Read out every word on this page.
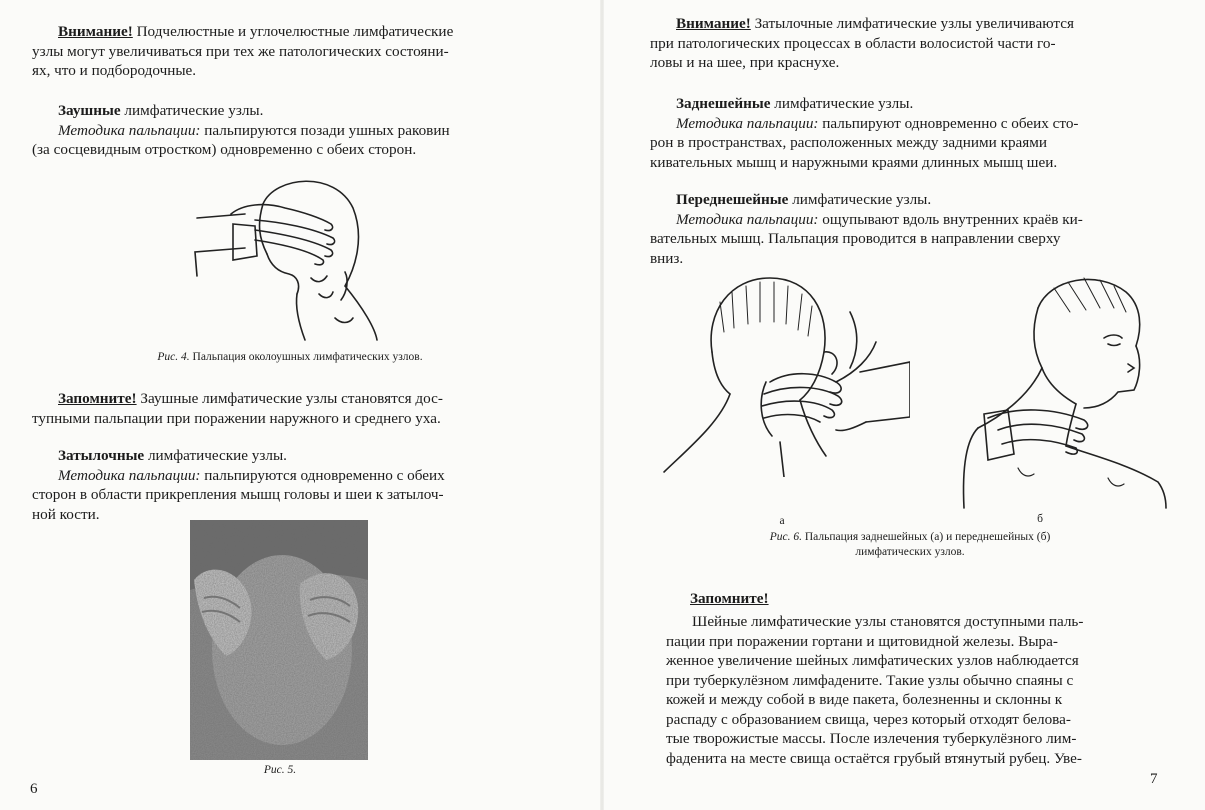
Внимание! Подчелюстные и углочелюстные лимфатические

узлы могут увеличиваться при тех же патологических состояни-

ях, что и подбородочные.

Заушные лимфатические узлы.

Методика пальпации: пальпируются позади ушных раковин

(за сосцевидным отростком) одновременно с обеих сторон.

Рис. 4. Пальпация околоушных лимфатических узлов.

Запомните! Заушные лимфатические узлы становятся дос-

тупными пальпации при поражении наружного и среднего уха.

Затылочные лимфатические узлы.

Методика пальпации: пальпируются одновременно с обеих

сторон в области прикрепления мышц головы и шеи к затылоч-

ной кости.

Рис. 5.
6

Внимание! Затылочные лимфатические узлы увеличиваются

при патологических процессах в области волосистой части го-

ловы и на шее, при краснухе.

Заднешейные лимфатические узлы.

Методика пальпации: пальпируют одновременно с обеих сто-

рон в пространствах, расположенных между задними краями

кивательных мышц и наружными краями длинных мышц шеи.

Переднешейные лимфатические узлы.

Методика пальпации: ощупывают вдоль внутренних краёв ки-

вательных мышц. Пальпация проводится в направлении сверху

вниз.

а	б
Рис. 6. Пальпация заднешейных (а) и переднешейных (б)
лимфатических узлов.
Запомните!

Шейные лимфатические узлы становятся доступными паль-

пации при поражении гортани и щитовидной железы. Выра-

женное увеличение шейных лимфатических узлов наблюдается

при туберкулёзном лимфадените. Такие узлы обычно спаяны с

кожей и между собой в виде пакета, болезненны и склонны к

распаду с образованием свища, через который отходят белова-

тые творожистые массы. После излечения туберкулёзного лим-

фаденита на месте свища остаётся грубый втянутый рубец. Уве-

7
